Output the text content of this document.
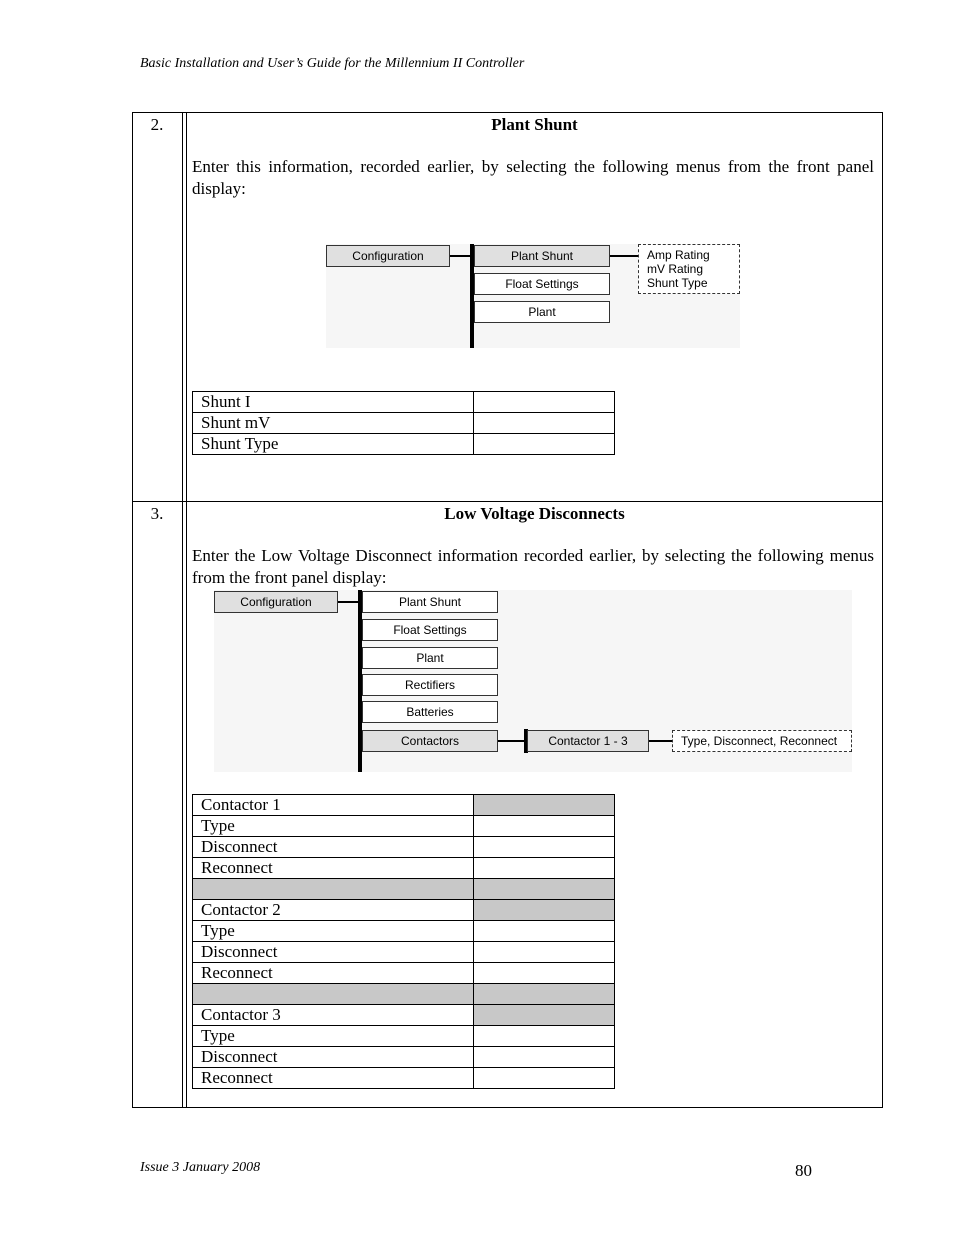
Basic Installation and User’s Guide for the Millennium II Controller
2.	Plant Shunt
Enter this information, recorded earlier, by selecting the following menus from the front panel display:
Configuration	Plant Shunt
Float Settings
Plant
Amp Rating
mV Rating
Shunt Type
Shunt I	
Shunt mV	
Shunt Type	
3.	Low Voltage Disconnects
Enter the Low Voltage Disconnect information recorded earlier, by selecting the following menus from the front panel display:
Configuration	Plant Shunt
Float Settings
Plant
Rectifiers
Batteries
Contactors	Contactor 1 - 3	Type, Disconnect, Reconnect
Contactor 1	
Type	
Disconnect	
Reconnect	

Contactor 2	
Type	
Disconnect	
Reconnect	

Contactor 3	
Type	
Disconnect	
Reconnect	
Issue 3 January 2008	80
